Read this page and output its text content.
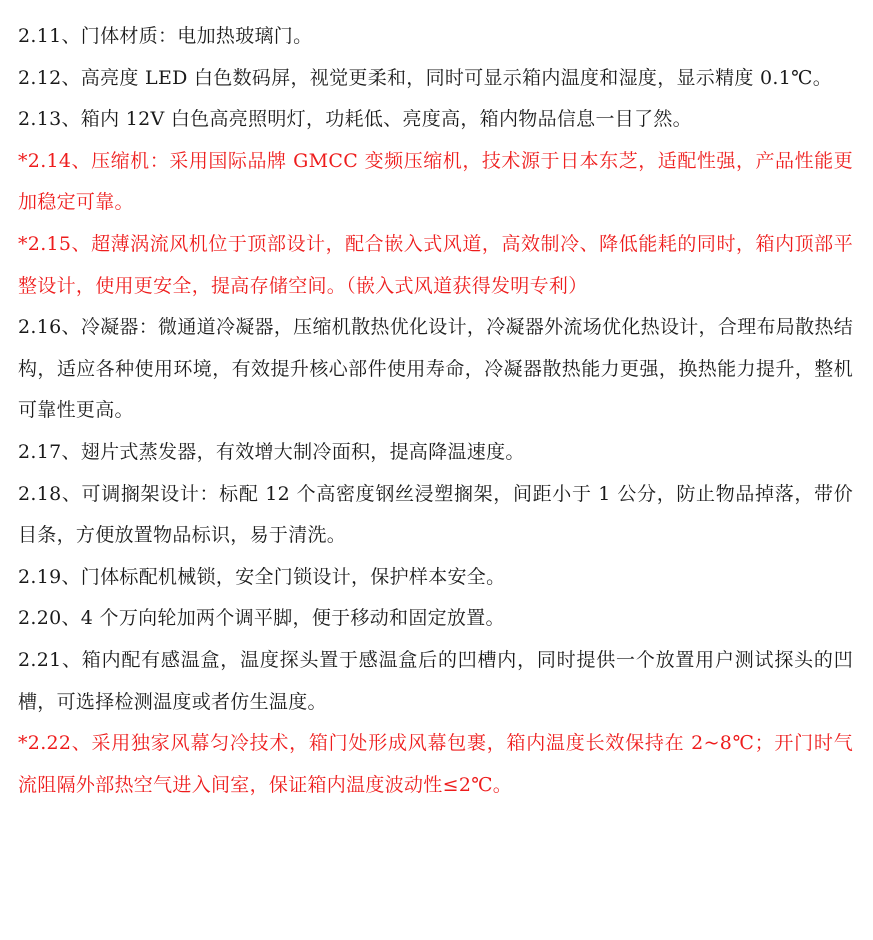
2.11、门体材质：电加热玻璃门。

2.12、高亮度 LED 白色数码屏，视觉更柔和，同时可显示箱内温度和湿度，显示精度 0.1℃。

2.13、箱内 12V 白色高亮照明灯，功耗低、亮度高，箱内物品信息一目了然。

*2.14、压缩机：采用国际品牌 GMCC 变频压缩机，技术源于日本东芝，适配性强，产品性能更加稳定可靠。

*2.15、超薄涡流风机位于顶部设计，配合嵌入式风道，高效制冷、降低能耗的同时，箱内顶部平整设计，使用更安全，提高存储空间。（嵌入式风道获得发明专利）

2.16、冷凝器：微通道冷凝器，压缩机散热优化设计，冷凝器外流场优化热设计，合理布局散热结构，适应各种使用环境，有效提升核心部件使用寿命，冷凝器散热能力更强，换热能力提升，整机可靠性更高。

2.17、翅片式蒸发器，有效增大制冷面积，提高降温速度。

2.18、可调搁架设计：标配 12 个高密度钢丝浸塑搁架，间距小于 1 公分，防止物品掉落，带价目条，方便放置物品标识，易于清洗。

2.19、门体标配机械锁，安全门锁设计，保护样本安全。

2.20、4 个万向轮加两个调平脚，便于移动和固定放置。

2.21、箱内配有感温盒，温度探头置于感温盒后的凹槽内，同时提供一个放置用户测试探头的凹槽，可选择检测温度或者仿生温度。

*2.22、采用独家风幕匀冷技术，箱门处形成风幕包裹，箱内温度长效保持在 2~8℃；开门时气流阻隔外部热空气进入间室，保证箱内温度波动性≤2℃。
